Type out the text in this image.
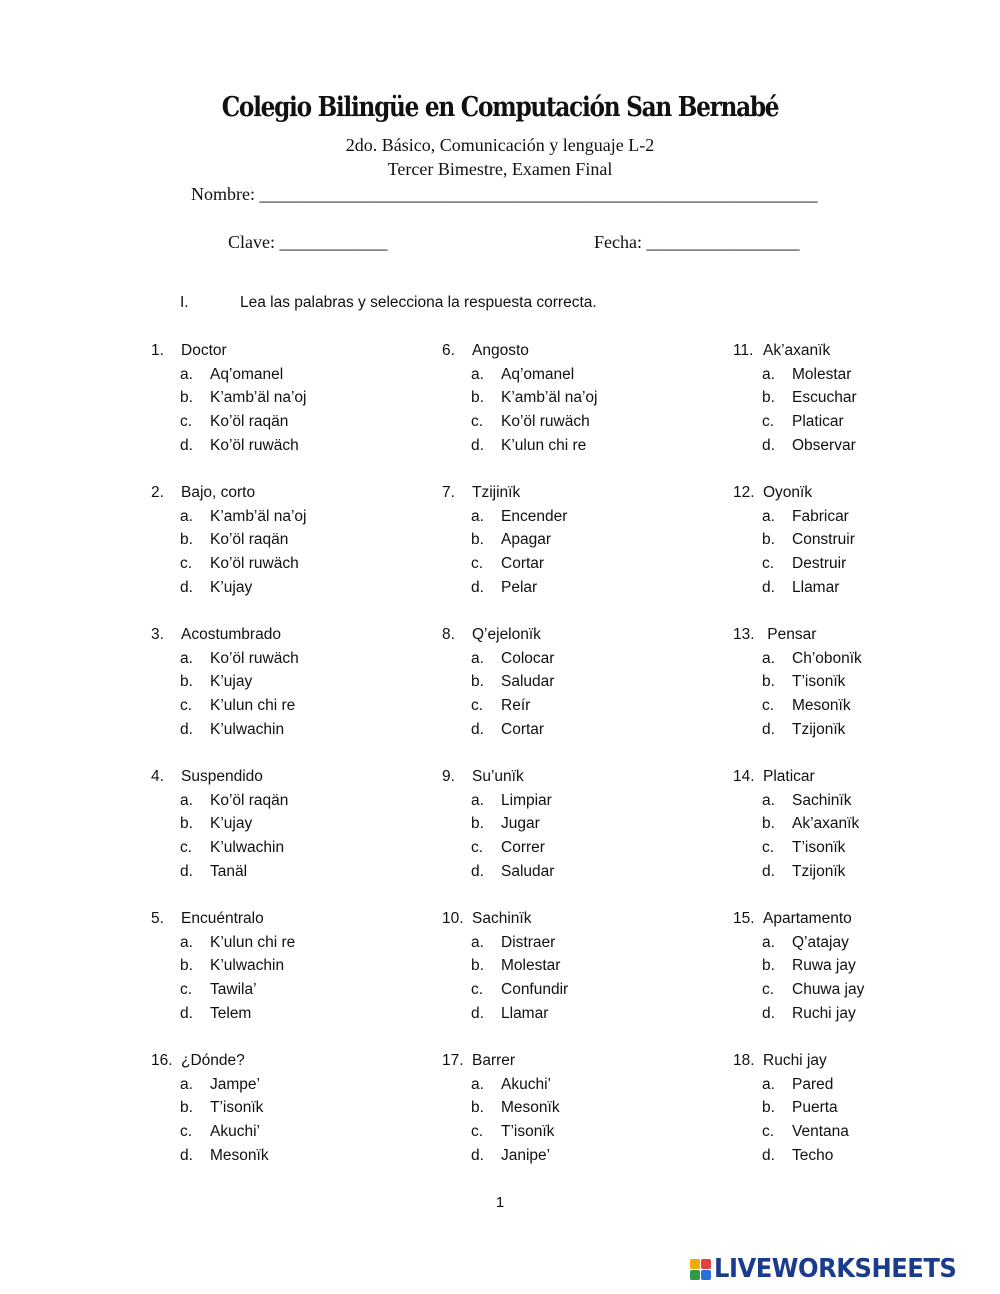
Colegio Bilingüe en Computación San Bernabé
2do. Básico, Comunicación y lenguaje L-2
Tercer Bimestre, Examen Final
Nombre: ______________________________________________________________
Clave: ____________	Fecha: _________________
I.	Lea las palabras y selecciona la respuesta correcta.
1. Doctor
a. Aq’omanel
b. K’amb’äl na’oj
c. Ko’öl raqän
d. Ko’öl ruwäch
2. Bajo, corto
a. K’amb’äl na’oj
b. Ko’öl raqän
c. Ko’öl ruwäch
d. K’ujay
3. Acostumbrado
a. Ko’öl ruwäch
b. K’ujay
c. K’ulun chi re
d. K’ulwachin
4. Suspendido
a. Ko’öl raqän
b. K’ujay
c. K’ulwachin
d. Tanäl
5. Encuéntralo
a. K’ulun chi re
b. K’ulwachin
c. Tawila’
d. Telem
16. ¿Dónde?
a. Jampe’
b. T’isonïk
c. Akuchi’
d. Mesonïk
6. Angosto
a. Aq’omanel
b. K’amb’äl na’oj
c. Ko’öl ruwäch
d. K’ulun chi re
7. Tzijinïk
a. Encender
b. Apagar
c. Cortar
d. Pelar
8. Q’ejelonïk
a. Colocar
b. Saludar
c. Reír
d. Cortar
9. Su’unïk
a. Limpiar
b. Jugar
c. Correr
d. Saludar
10. Sachinïk
a. Distraer
b. Molestar
c. Confundir
d. Llamar
17. Barrer
a. Akuchi’
b. Mesonïk
c. T’isonïk
d. Janipe’
11. Ak’axanïk
a. Molestar
b. Escuchar
c. Platicar
d. Observar
12. Oyonïk
a. Fabricar
b. Construir
c. Destruir
d. Llamar
13. Pensar
a. Ch’obonïk
b. T’isonïk
c. Mesonïk
d. Tzijonïk
14. Platicar
a. Sachinïk
b. Ak’axanïk
c. T’isonïk
d. Tzijonïk
15. Apartamento
a. Q’atajay
b. Ruwa jay
c. Chuwa jay
d. Ruchi jay
18. Ruchi jay
a. Pared
b. Puerta
c. Ventana
d. Techo
1
LIVEWORKSHEETS
